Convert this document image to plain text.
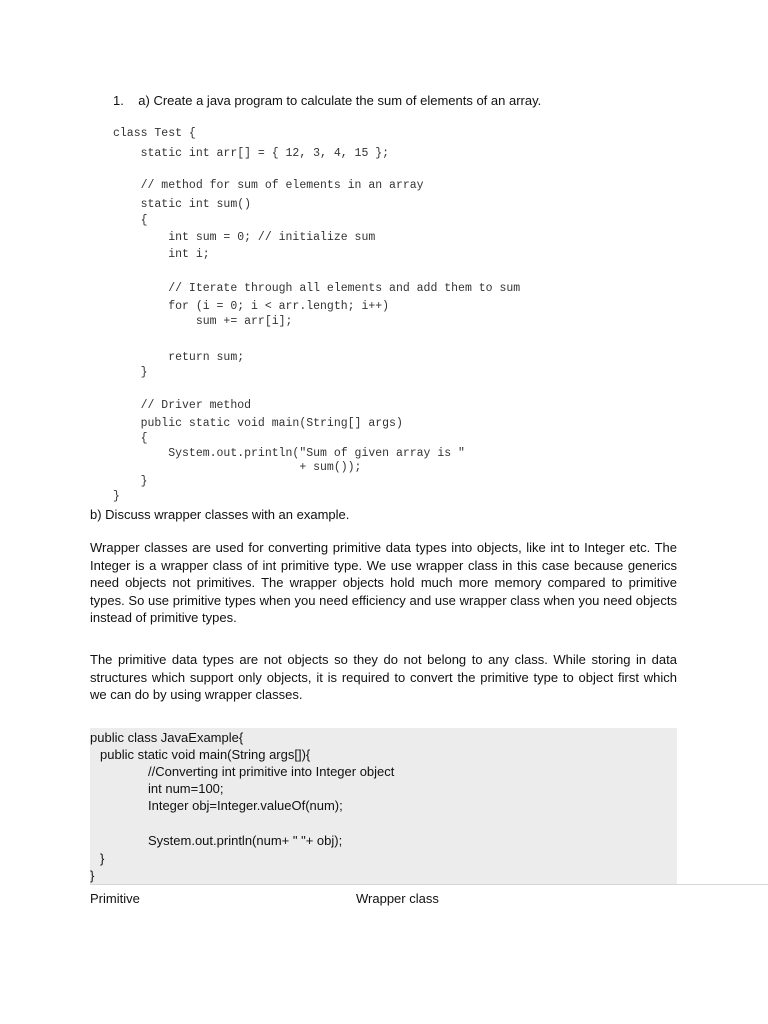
1.    a) Create a java program to calculate the sum of elements of an array.
class Test {
static int arr[] = { 12, 3, 4, 15 };
// method for sum of elements in an array
static int sum()
{
int sum = 0; // initialize sum
int i;
// Iterate through all elements and add them to sum
for (i = 0; i < arr.length; i++)
sum += arr[i];
return sum;
}
// Driver method
public static void main(String[] args)
{
System.out.println("Sum of given array is "
+ sum());
}
}
b) Discuss wrapper classes with an example.

Wrapper classes are used for converting primitive data types into objects, like int to Integer etc. The Integer is a wrapper class of int primitive type. We use wrapper class in this case because generics need objects not primitives. The wrapper objects hold much more memory compared to primitive types. So use primitive types when you need efficiency and use wrapper class when you need objects instead of primitive types.

The primitive data types are not objects so they do not belong to any class. While storing in data structures which support only objects, it is required to convert the primitive type to object first which we can do by using wrapper classes.

public class JavaExample{
public static void main(String args[]){
//Converting int primitive into Integer object
int num=100;
Integer obj=Integer.valueOf(num);
System.out.println(num+ " "+ obj);
}
}
Primitive	Wrapper class
